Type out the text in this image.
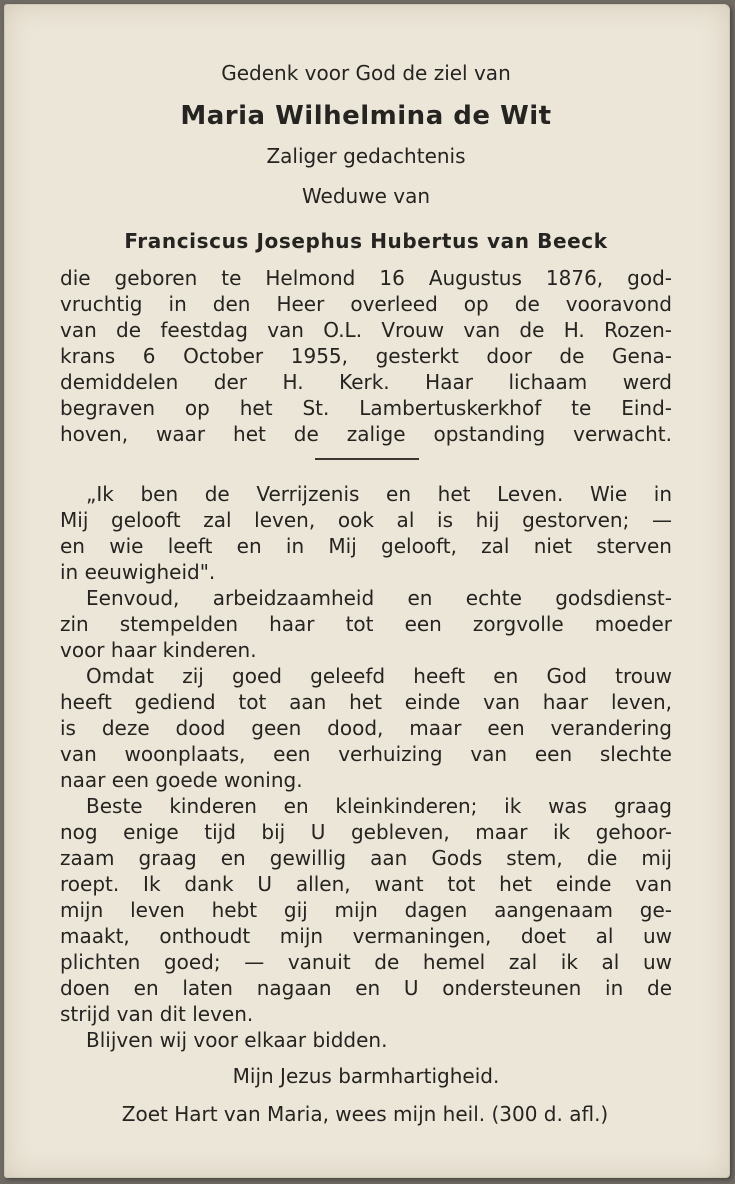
Gedenk voor God de ziel van
Maria Wilhelmina de Wit
Zaliger gedachtenis
Weduwe van
Franciscus Josephus Hubertus van Beeck
die geboren te Helmond 16 Augustus 1876, god-
vruchtig in den Heer overleed op de vooravond
van de feestdag van O.L. Vrouw van de H. Rozen-
krans 6 October 1955, gesterkt door de Gena-
demiddelen der H. Kerk. Haar lichaam werd
begraven op het St. Lambertuskerkhof te Eind-
hoven, waar het de zalige opstanding verwacht.
„Ik ben de Verrijzenis en het Leven. Wie in
Mij gelooft zal leven, ook al is hij gestorven; —
en wie leeft en in Mij gelooft, zal niet sterven
in eeuwigheid".
Eenvoud, arbeidzaamheid en echte godsdienst-
zin stempelden haar tot een zorgvolle moeder
voor haar kinderen.
Omdat zij goed geleefd heeft en God trouw
heeft gediend tot aan het einde van haar leven,
is deze dood geen dood, maar een verandering
van woonplaats, een verhuizing van een slechte
naar een goede woning.
Beste kinderen en kleinkinderen; ik was graag
nog enige tijd bij U gebleven, maar ik gehoor-
zaam graag en gewillig aan Gods stem, die mij
roept. Ik dank U allen, want tot het einde van
mijn leven hebt gij mijn dagen aangenaam ge-
maakt, onthoudt mijn vermaningen, doet al uw
plichten goed; — vanuit de hemel zal ik al uw
doen en laten nagaan en U ondersteunen in de
strijd van dit leven.
Blijven wij voor elkaar bidden.
Mijn Jezus barmhartigheid.
Zoet Hart van Maria, wees mijn heil. (300 d. afl.)
